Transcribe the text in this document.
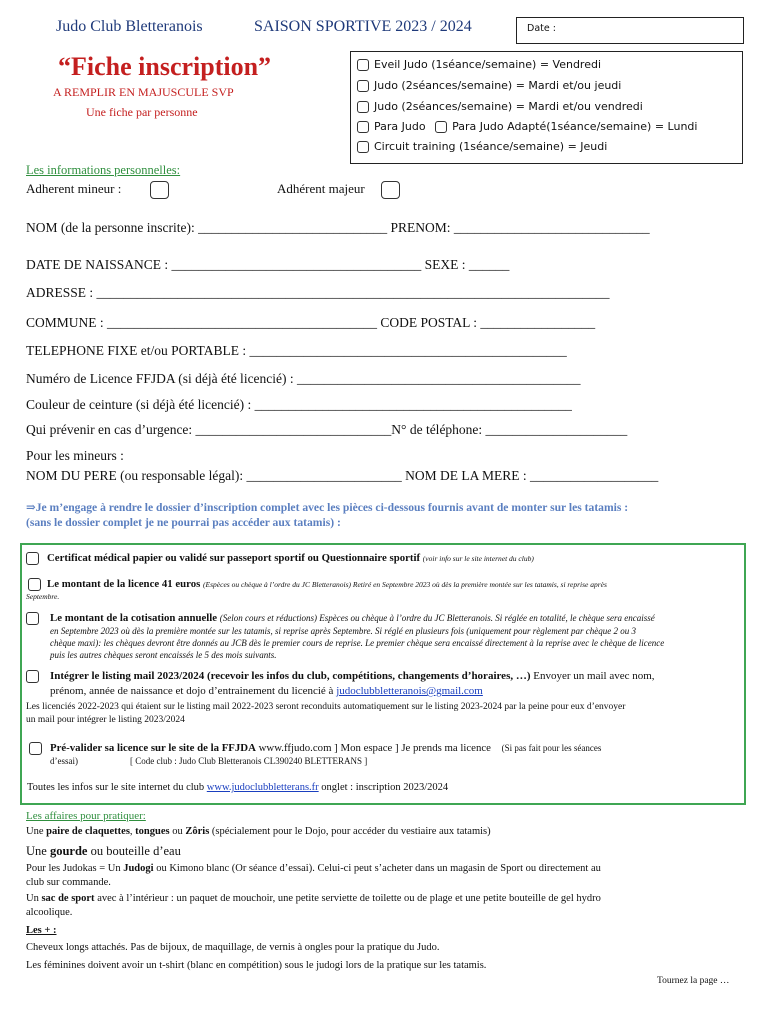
Judo Club Bletteranois	SAISON SPORTIVE 2023 / 2024	Date :
“Fiche inscription”
A REMPLIR EN MAJUSCULE SVP
Une fiche par personne
Eveil Judo (1séance/semaine) = Vendredi
Judo (2séances/semaine) = Mardi et/ou jeudi
Judo (2séances/semaine) = Mardi et/ou vendredi
Para Judo Para Judo Adapté(1séance/semaine) = Lundi
Circuit training (1séance/semaine) = Jeudi
Les informations personnelles:
Adherent mineur :	Adhérent majeur
NOM (de la personne inscrite): ____________________________ PRENOM: _____________________________
DATE DE NAISSANCE : _____________________________________ SEXE : ______
ADRESSE : ____________________________________________________________________________
COMMUNE : ________________________________________ CODE POSTAL : _________________
TELEPHONE FIXE et/ou PORTABLE : _______________________________________________
Numéro de Licence FFJDA (si déjà été licencié) : __________________________________________
Couleur de ceinture (si déjà été licencié) : _______________________________________________
Qui prévenir en cas d’urgence: _____________________________N° de téléphone: _____________________
Pour les mineurs :
NOM DU PERE (ou responsable légal): _______________________ NOM DE LA MERE : ___________________
⇒Je m’engage à rendre le dossier d’inscription complet avec les pièces ci-dessous fournis avant de monter sur les tatamis :
(sans le dossier complet je ne pourrai pas accéder aux tatamis) :
Certificat médical papier ou validé sur passeport sportif ou Questionnaire sportif (voir info sur le site internet du club)
Le montant de la licence 41 euros (Espèces ou chèque à l’ordre du JC Bletteranois) Retiré en Septembre 2023 où dès la première montée sur les tatamis, si reprise après
Septembre.
Le montant de la cotisation annuelle (Selon cours et réductions) Espèces ou chèque à l’ordre du JC Bletteranois. Si réglée en totalité, le chèque sera encaissé
en Septembre 2023 où dès la première montée sur les tatamis, si reprise après Septembre. Si réglé en plusieurs fois (uniquement pour règlement par chèque 2 ou 3
chèque maxi): les chèques devront être donnés au JCB dès le premier cours de reprise. Le premier chèque sera encaissé directement à la reprise avec le chèque de licence
puis les autres chèques seront encaissés le 5 des mois suivants.
Intégrer le listing mail 2023/2024 (recevoir les infos du club, compétitions, changements d’horaires, …) Envoyer un mail avec nom,
prénom, année de naissance et dojo d’entrainement du licencié à judoclubbletteranois@gmail.com
Les licenciés 2022-2023 qui étaient sur le listing mail 2022-2023 seront reconduits automatiquement sur le listing 2023-2024 par la peine pour eux d’envoyer
un mail pour intégrer le listing 2023/2024
Pré-valider sa licence sur le site de la FFJDA www.ffjudo.com ] Mon espace ] Je prends ma licence (Si pas fait pour les séances
d’essai)	[ Code club : Judo Club Bletteranois CL390240 BLETTERANS ]
Toutes les infos sur le site internet du club www.judoclubbletterans.fr onglet : inscription 2023/2024
Les affaires pour pratiquer:
Une paire de claquettes, tongues ou Zôris (spécialement pour le Dojo, pour accéder du vestiaire aux tatamis)
Une gourde ou bouteille d’eau
Pour les Judokas = Un Judogi ou Kimono blanc (Or séance d’essai). Celui-ci peut s’acheter dans un magasin de Sport ou directement au
club sur commande.
Un sac de sport avec à l’intérieur : un paquet de mouchoir, une petite serviette de toilette ou de plage et une petite bouteille de gel hydro
alcoolique.
Les + :
Cheveux longs attachés. Pas de bijoux, de maquillage, de vernis à ongles pour la pratique du Judo.
Les féminines doivent avoir un t-shirt (blanc en compétition) sous le judogi lors de la pratique sur les tatamis.
Tournez la page …
